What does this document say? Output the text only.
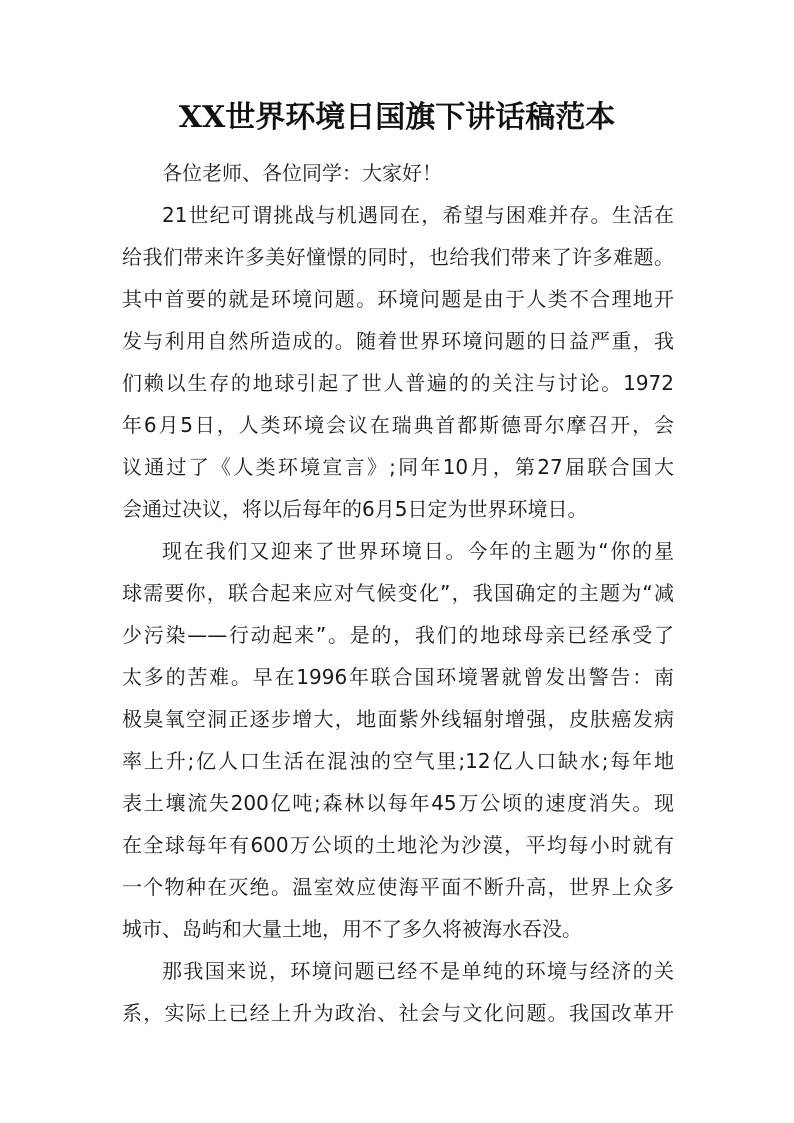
XX世界环境日国旗下讲话稿范本

各位老师、各位同学：大家好！

21世纪可谓挑战与机遇同在，希望与困难并存。生活在
给我们带来许多美好憧憬的同时，也给我们带来了许多难题。
其中首要的就是环境问题。环境问题是由于人类不合理地开
发与利用自然所造成的。随着世界环境问题的日益严重，我
们赖以生存的地球引起了世人普遍的的关注与讨论。1972
年6月5日，人类环境会议在瑞典首都斯德哥尔摩召开，会
议通过了《人类环境宣言》;同年10月，第27届联合国大
会通过决议，将以后每年的6月5日定为世界环境日。

现在我们又迎来了世界环境日。今年的主题为“你的星
球需要你，联合起来应对气候变化”，我国确定的主题为“减
少污染——行动起来”。是的，我们的地球母亲已经承受了
太多的苦难。早在1996年联合国环境署就曾发出警告：南
极臭氧空洞正逐步增大，地面紫外线辐射增强，皮肤癌发病
率上升;亿人口生活在混浊的空气里;12亿人口缺水;每年地
表土壤流失200亿吨;森林以每年45万公顷的速度消失。现
在全球每年有600万公顷的土地沦为沙漠，平均每小时就有
一个物种在灭绝。温室效应使海平面不断升高，世界上众多
城市、岛屿和大量土地，用不了多久将被海水吞没。

那我国来说，环境问题已经不是单纯的环境与经济的关
系，实际上已经上升为政治、社会与文化问题。我国改革开
